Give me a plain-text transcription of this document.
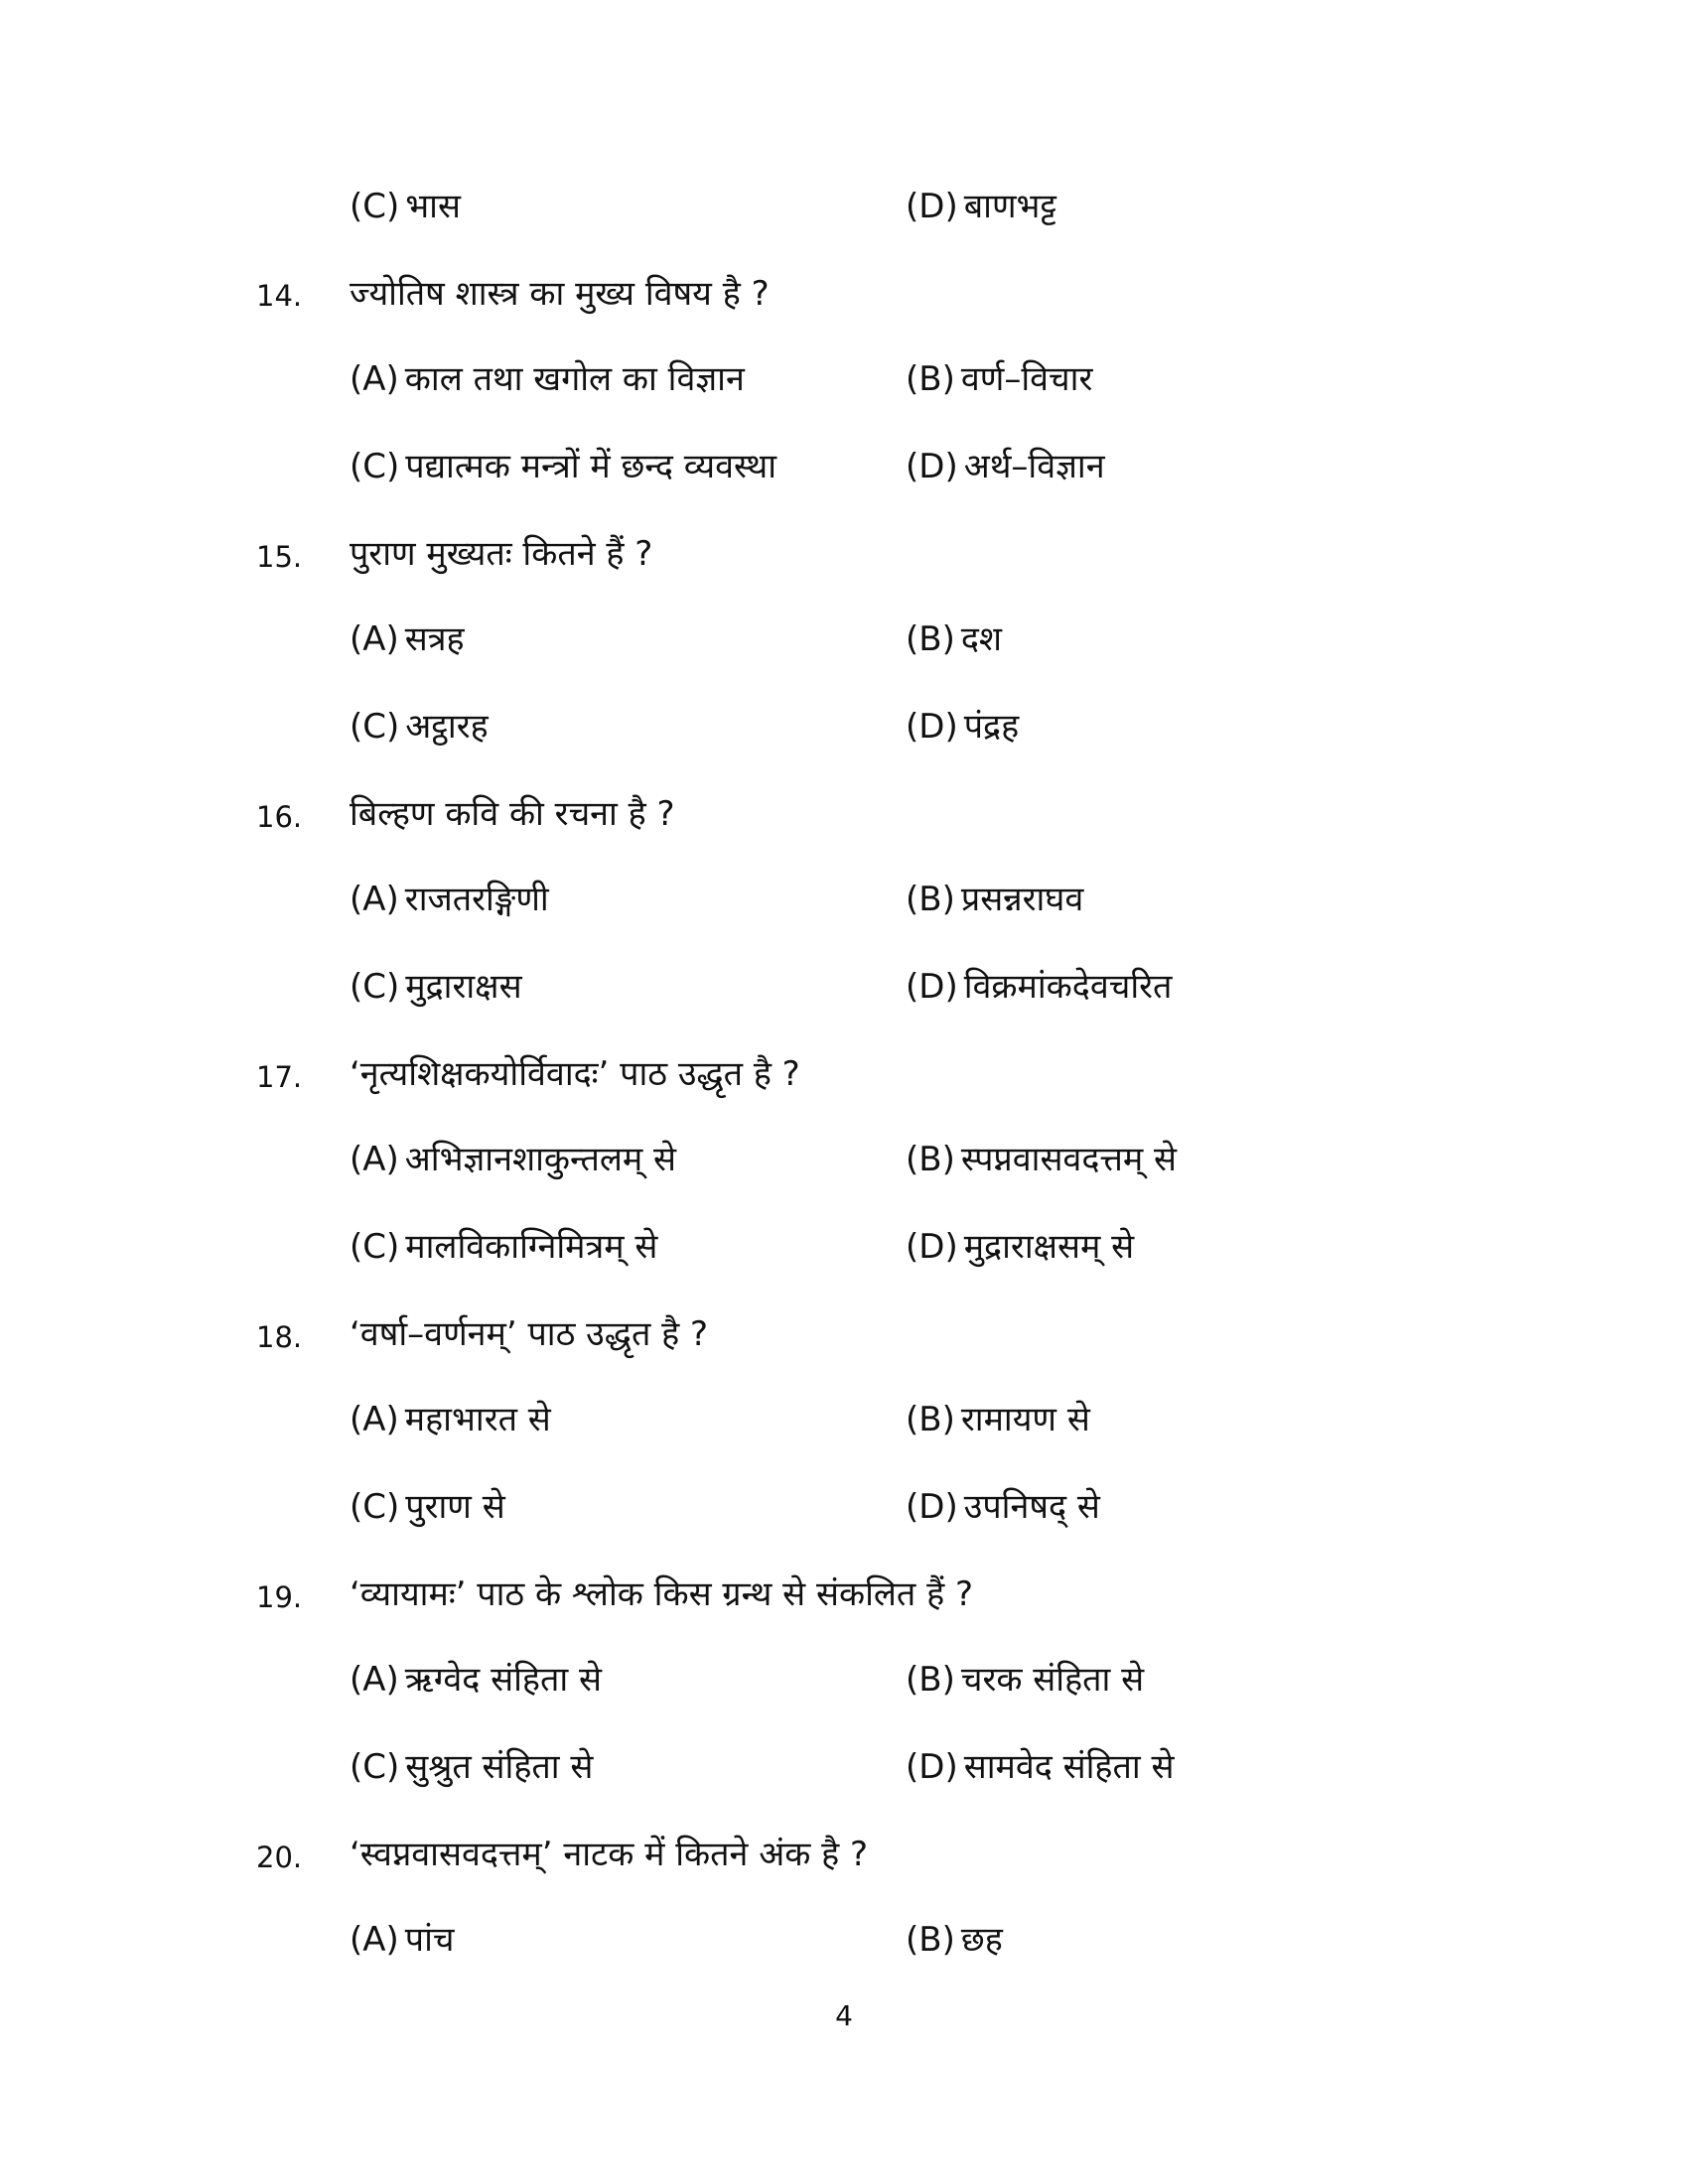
(C) भास	(D) बाणभट्ट
14.	ज्योतिष शास्त्र का मुख्य विषय है ?
(A) काल तथा खगोल का विज्ञान	(B) वर्ण–विचार
(C) पद्यात्मक मन्त्रों में छन्द व्यवस्था	(D) अर्थ–विज्ञान
15.	पुराण मुख्यतः कितने हैं ?
(A) सत्रह	(B) दश
(C) अट्ठारह	(D) पंद्रह
16.	बिल्हण कवि की रचना है ?
(A) राजतरङ्गिणी	(B) प्रसन्नराघव
(C) मुद्राराक्षस	(D) विक्रमांकदेवचरित
17.	‘नृत्यशिक्षकयोर्विवादः’ पाठ उद्धृत है ?
(A) अभिज्ञानशाकुन्तलम् से	(B) स्पप्नवासवदत्तम् से
(C) मालविकाग्निमित्रम् से	(D) मुद्राराक्षसम् से
18.	‘वर्षा–वर्णनम्’ पाठ उद्धृत है ?
(A) महाभारत से	(B) रामायण से
(C) पुराण से	(D) उपनिषद् से
19.	‘व्यायामः’ पाठ के श्लोक किस ग्रन्थ से संकलित हैं ?
(A) ऋग्वेद संहिता से	(B) चरक संहिता से
(C) सुश्रुत संहिता से	(D) सामवेद संहिता से
20.	‘स्वप्नवासवदत्तम्’ नाटक में कितने अंक है ?
(A) पांच	(B) छह
4
